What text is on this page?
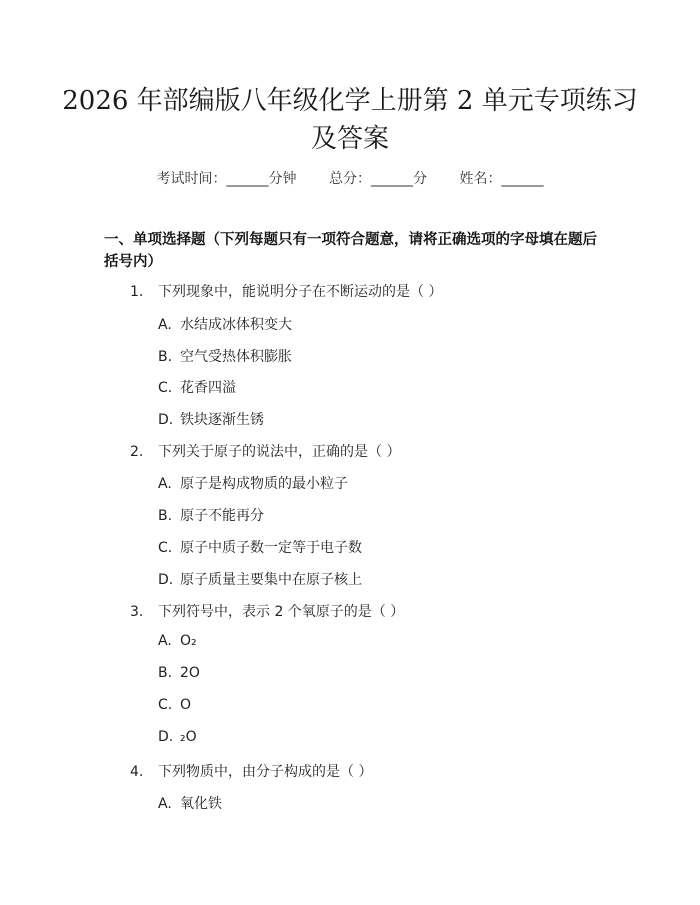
2026 年部编版八年级化学上册第 2 单元专项练习及答案
考试时间：______分钟 总分：______分 姓名：______
一、单项选择题（下列每题只有一项符合题意，请将正确选项的字母填在题后括号内）
1. 下列现象中，能说明分子在不断运动的是（ ）
A. 水结成冰体积变大
B. 空气受热体积膨胀
C. 花香四溢
D. 铁块逐渐生锈
2. 下列关于原子的说法中，正确的是（ ）
A. 原子是构成物质的最小粒子
B. 原子不能再分
C. 原子中质子数一定等于电子数
D. 原子质量主要集中在原子核上
3. 下列符号中，表示 2 个氧原子的是（ ）
A. O₂
B. 2O
C. O
D. ₂O
4. 下列物质中，由分子构成的是（ ）
A. 氧化铁
